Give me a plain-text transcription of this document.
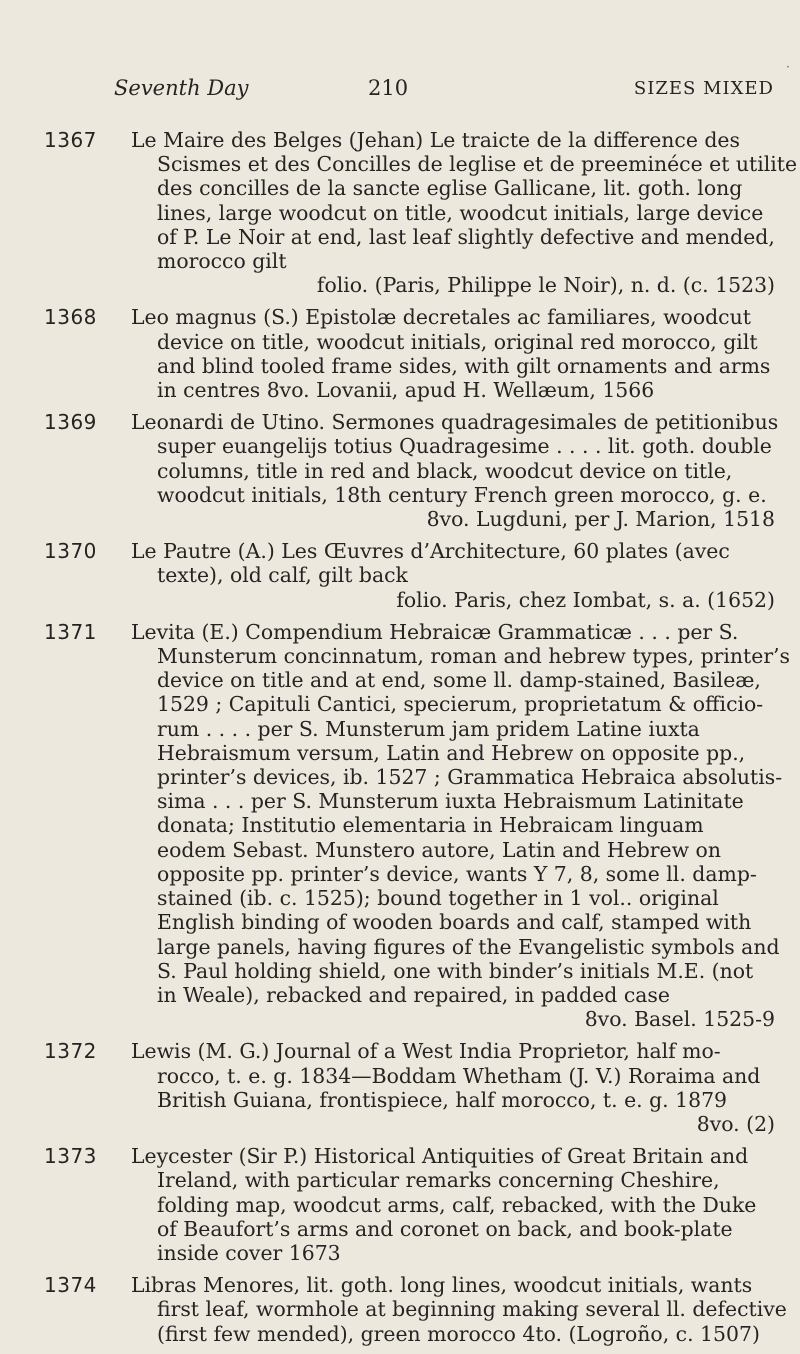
Seventh Day	210	SIZES MIXED
1367	Le Maire des Belges (Jehan) Le traicte de la difference des
Scismes et des Concilles de leglise et de preeminéce et utilite
des concilles de la sancte eglise Gallicane, lit. goth. long
lines, large woodcut on title, woodcut initials, large device
of P. Le Noir at end, last leaf slightly defective and mended,
morocco gilt
folio. (Paris, Philippe le Noir), n. d. (c. 1523)
1368	Leo magnus (S.) Epistolæ decretales ac familiares, woodcut
device on title, woodcut initials, original red morocco, gilt
and blind tooled frame sides, with gilt ornaments and arms
in centres 8vo. Lovanii, apud H. Wellæum, 1566
1369	Leonardi de Utino. Sermones quadragesimales de petitionibus
super euangelijs totius Quadragesime . . . . lit. goth. double
columns, title in red and black, woodcut device on title,
woodcut initials, 18th century French green morocco, g. e.
8vo. Lugduni, per J. Marion, 1518
1370	Le Pautre (A.) Les Œuvres d’Architecture, 60 plates (avec
texte), old calf, gilt back
folio. Paris, chez Iombat, s. a. (1652)
1371	Levita (E.) Compendium Hebraicæ Grammaticæ . . . per S.
Munsterum concinnatum, roman and hebrew types, printer’s
device on title and at end, some ll. damp-stained, Basileæ,
1529 ; Capituli Cantici, specierum, proprietatum & officio-
rum . . . . per S. Munsterum jam pridem Latine iuxta
Hebraismum versum, Latin and Hebrew on opposite pp.,
printer’s devices, ib. 1527 ; Grammatica Hebraica absolutis-
sima . . . per S. Munsterum iuxta Hebraismum Latinitate
donata; Institutio elementaria in Hebraicam linguam
eodem Sebast. Munstero autore, Latin and Hebrew on
opposite pp. printer’s device, wants Y 7, 8, some ll. damp-
stained (ib. c. 1525); bound together in 1 vol.. original
English binding of wooden boards and calf, stamped with
large panels, having figures of the Evangelistic symbols and
S. Paul holding shield, one with binder’s initials M.E. (not
in Weale), rebacked and repaired, in padded case
8vo. Basel. 1525-9
1372	Lewis (M. G.) Journal of a West India Proprietor, half mo-
rocco, t. e. g. 1834—Boddam Whetham (J. V.) Roraima and
British Guiana, frontispiece, half morocco, t. e. g. 1879
8vo. (2)
1373	Leycester (Sir P.) Historical Antiquities of Great Britain and
Ireland, with particular remarks concerning Cheshire,
folding map, woodcut arms, calf, rebacked, with the Duke
of Beaufort’s arms and coronet on back, and book-plate
inside cover 1673
1374	Libras Menores, lit. goth. long lines, woodcut initials, wants
first leaf, wormhole at beginning making several ll. defective
(first few mended), green morocco 4to. (Logroño, c. 1507)
·
